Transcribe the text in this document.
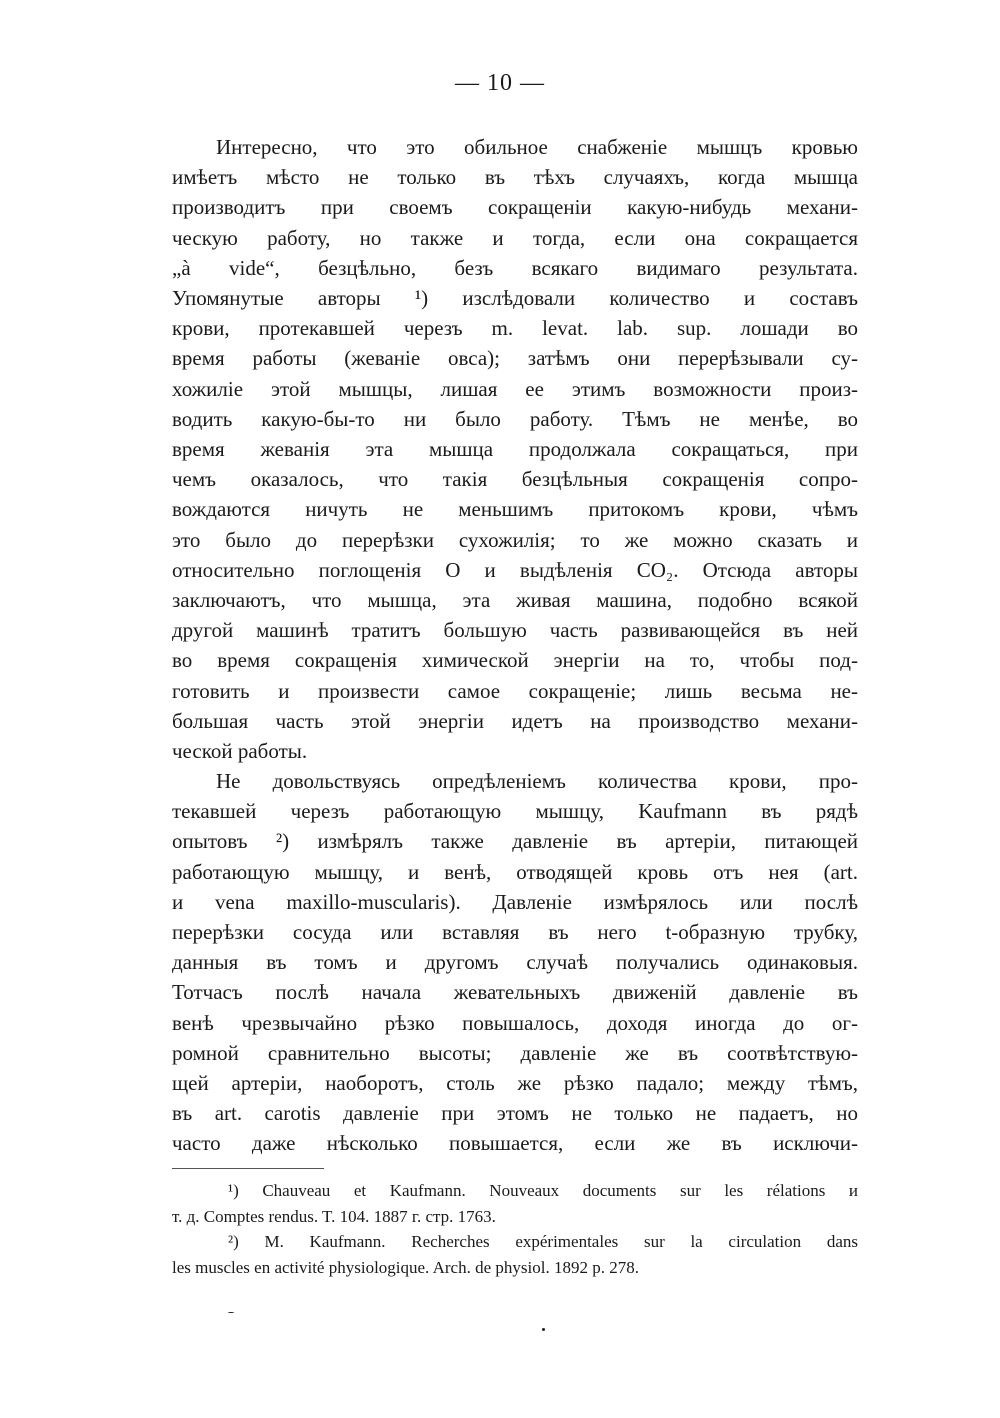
— 10 —
Интересно, что это обильное снабженіе мышцъ кровью
имѣетъ мѣсто не только въ тѣхъ случаяхъ, когда мышца
производитъ при своемъ сокращеніи какую-нибудь механи-
ческую работу, но также и тогда, если она сокращается
„à vide“, безцѣльно, безъ всякаго видимаго результата.
Упомянутые авторы ¹) изслѣдовали количество и составъ
крови, протекавшей черезъ m. levat. lab. sup. лошади во
время работы (жеваніе овса); затѣмъ они перерѣзывали су-
хожиліе этой мышцы, лишая ее этимъ возможности произ-
водить какую-бы-то ни было работу. Тѣмъ не менѣе, во
время жеванія эта мышца продолжала сокращаться, при
чемъ оказалось, что такія безцѣльныя сокращенія сопро-
вождаются ничуть не меньшимъ притокомъ крови, чѣмъ
это было до перерѣзки сухожилія; то же можно сказать и
относительно поглощенія O и выдѣленія CO₂. Отсюда авторы
заключаютъ, что мышца, эта живая машина, подобно всякой
другой машинѣ тратитъ большую часть развивающейся въ ней
во время сокращенія химической энергіи на то, чтобы под-
готовить и произвести самое сокращеніе; лишь весьма не-
большая часть этой энергіи идетъ на производство механи-
ческой работы.
Не довольствуясь опредѣленіемъ количества крови, про-
текавшей черезъ работающую мышцу, Kaufmann въ рядѣ
опытовъ ²) измѣрялъ также давленіе въ артеріи, питающей
работающую мышцу, и венѣ, отводящей кровь отъ нея (art.
и vena maxillo-muscularis). Давленіе измѣрялось или послѣ
перерѣзки сосуда или вставляя въ него t-образную трубку,
данныя въ томъ и другомъ случаѣ получались одинаковыя.
Тотчасъ послѣ начала жевательныхъ движеній давленіе въ
венѣ чрезвычайно рѣзко повышалось, доходя иногда до ог-
ромной сравнительно высоты; давленіе же въ соотвѣтствую-
щей артеріи, наоборотъ, столь же рѣзко падало; между тѣмъ,
въ art. carotis давленіе при этомъ не только не падаетъ, но
часто даже нѣсколько повышается, если же въ исключи-
¹) Chauveau et Kaufmann. Nouveaux documents sur les rélations и
т. д. Comptes rendus. T. 104. 1887 г. стр. 1763.
²) M. Kaufmann. Recherches expérimentales sur la circulation dans
les muscles en activité physiologique. Arch. de physiol. 1892 p. 278.
